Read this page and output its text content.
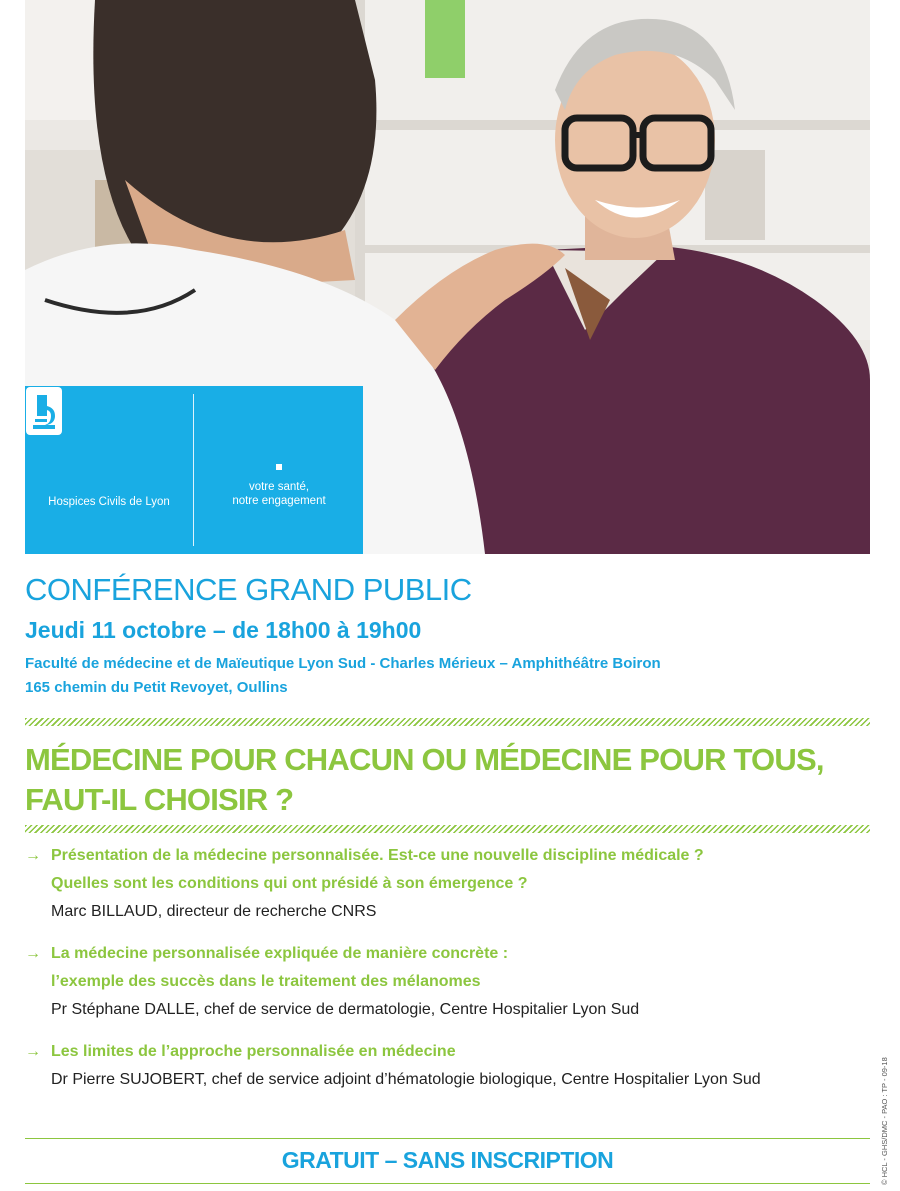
Hospices Civils de Lyon
votre santé,
notre engagement
CONFÉRENCE GRAND PUBLIC
Jeudi 11 octobre – de 18h00 à 19h00
Faculté de médecine et de Maïeutique Lyon Sud - Charles Mérieux – Amphithéâtre Boiron
165 chemin du Petit Revoyet, Oullins
MÉDECINE POUR CHACUN OU MÉDECINE POUR TOUS,
FAUT-IL CHOISIR ?
→ Présentation de la médecine personnalisée. Est-ce une nouvelle discipline médicale ?
Quelles sont les conditions qui ont présidé à son émergence ?
Marc BILLAUD, directeur de recherche CNRS
→ La médecine personnalisée expliquée de manière concrète :
l’exemple des succès dans le traitement des mélanomes
Pr Stéphane DALLE, chef de service de dermatologie, Centre Hospitalier Lyon Sud
→ Les limites de l’approche personnalisée en médecine
Dr Pierre SUJOBERT, chef de service adjoint d’hématologie biologique, Centre Hospitalier Lyon Sud
GRATUIT – SANS INSCRIPTION	© HCL - GHS/DMC - PAO : TP - 09-18
